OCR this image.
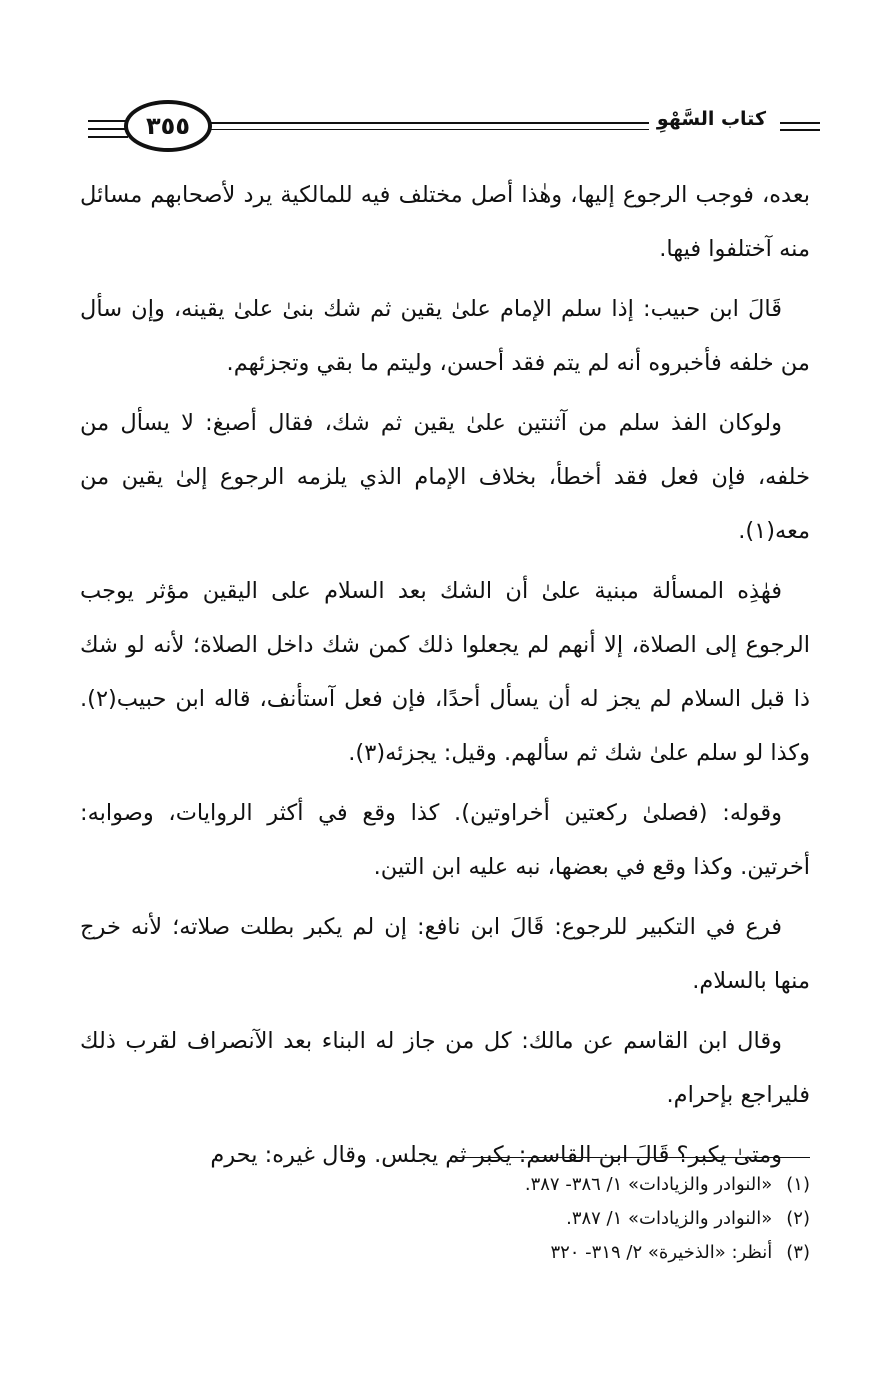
٣٥٥	كتاب السَّهْوِ

بعده، فوجب الرجوع إليها، وهٰذا أصل مختلف فيه للمالكية يرد لأصحابهم مسائل منه آختلفوا فيها.

قَالَ ابن حبيب: إذا سلم الإمام علىٰ يقين ثم شك بنىٰ علىٰ يقينه، وإن سأل من خلفه فأخبروه أنه لم يتم فقد أحسن، وليتم ما بقي وتجزئهم.

ولوكان الفذ سلم من آثنتين علىٰ يقين ثم شك، فقال أصبغ: لا يسأل من خلفه، فإن فعل فقد أخطأ، بخلاف الإمام الذي يلزمه الرجوع إلىٰ يقين من معه(١).

فهٰذِه المسألة مبنية علىٰ أن الشك بعد السلام على اليقين مؤثر يوجب الرجوع إلى الصلاة، إلا أنهم لم يجعلوا ذلك كمن شك داخل الصلاة؛ لأنه لو شك ذا قبل السلام لم يجز له أن يسأل أحدًا، فإن فعل آستأنف، قاله ابن حبيب(٢). وكذا لو سلم علىٰ شك ثم سألهم. وقيل: يجزئه(٣).

وقوله: (فصلىٰ ركعتين أخراوتين). كذا وقع في أكثر الروايات، وصوابه: أخرتين. وكذا وقع في بعضها، نبه عليه ابن التين.

فرع في التكبير للرجوع: قَالَ ابن نافع: إن لم يكبر بطلت صلاته؛ لأنه خرج منها بالسلام.

وقال ابن القاسم عن مالك: كل من جاز له البناء بعد الآنصراف لقرب ذلك فليراجع بإحرام.

ومتىٰ يكبر؟ قَالَ ابن القاسم: يكبر ثم يجلس. وقال غيره: يحرم

(١)«النوادر والزيادات» ١/ ٣٨٦- ٣٨٧.
(٢)«النوادر والزيادات» ١/ ٣٨٧.
(٣)أنظر: «الذخيرة» ٢/ ٣١٩- ٣٢٠
